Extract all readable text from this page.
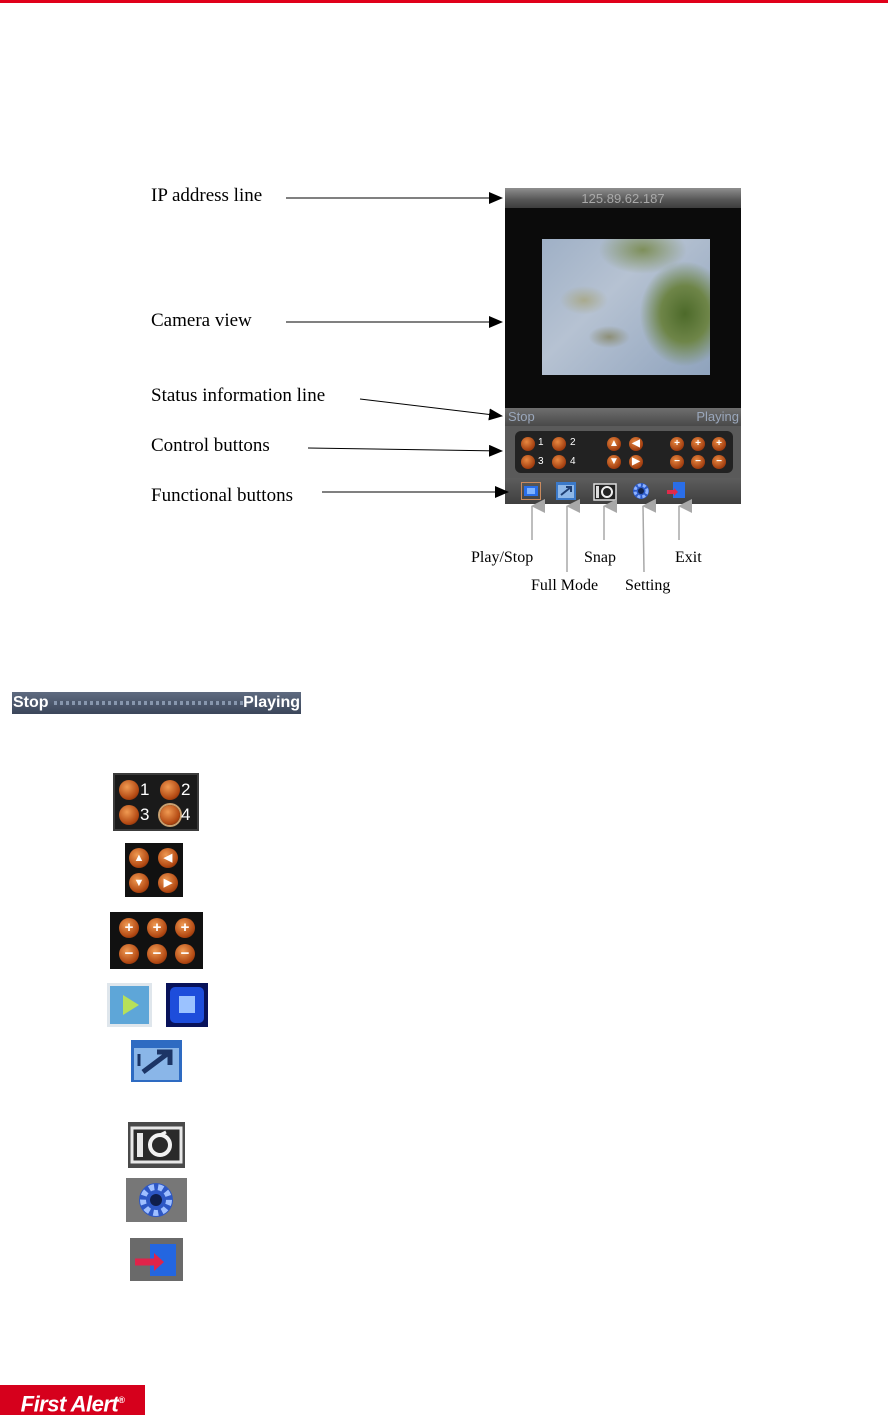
IP address line
Camera view
Status information line
Control buttons
Functional buttons
125.89.62.187
Stop	Playing
1	2
3	4
▲	◀
▼	▶
+	+	+
−	−	−
Play/Stop	Snap	Exit
Full Mode Setting
Stop	Playing
1 2
3 4
▲	◀
▼	▶
+	+	+
−	−	−
First Alert®
